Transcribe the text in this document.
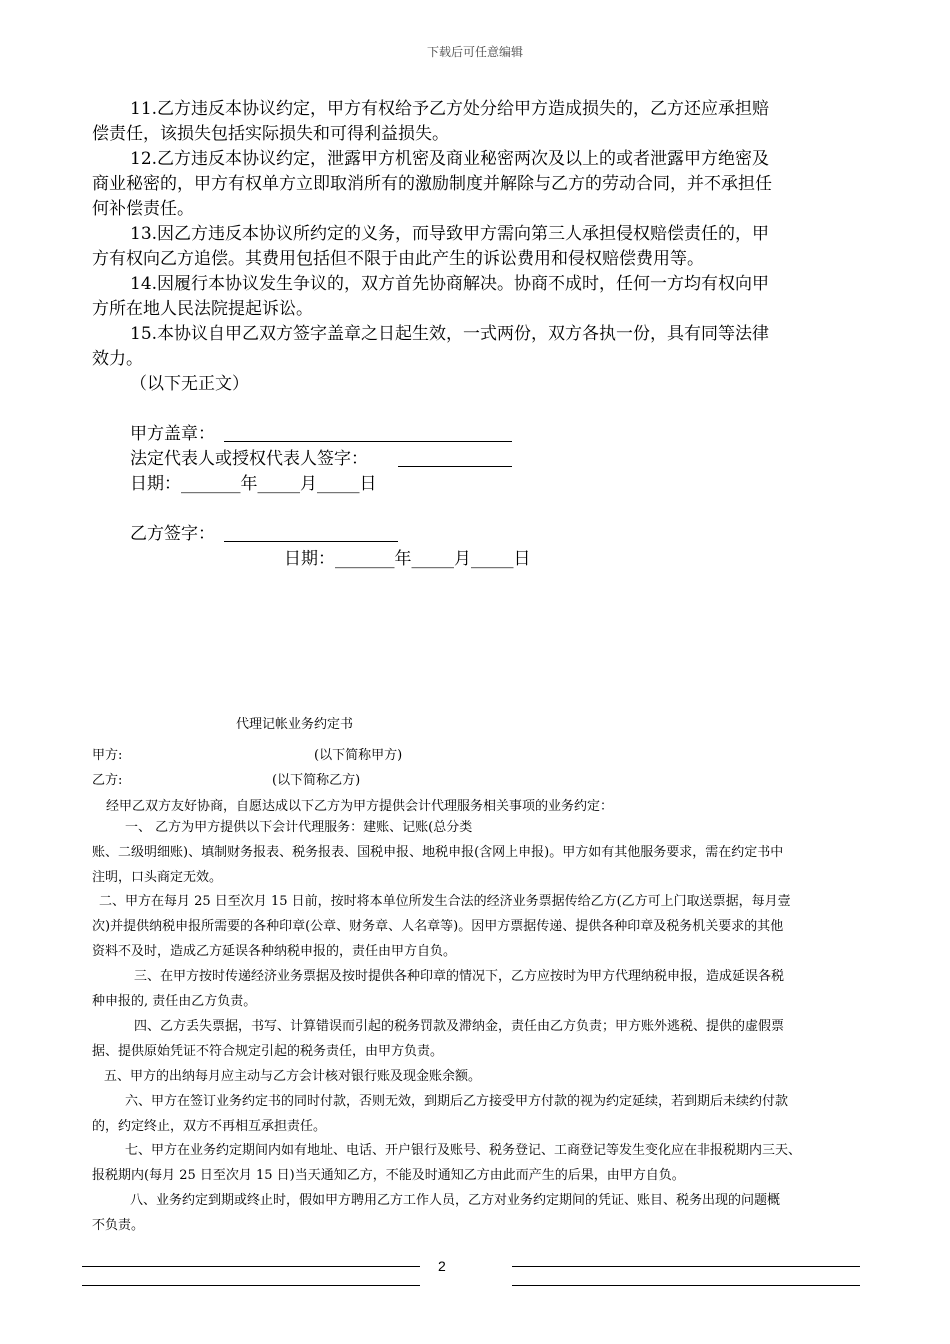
下载后可任意编辑
11.乙方违反本协议约定，甲方有权给予乙方处分给甲方造成损失的，乙方还应承担赔
偿责任，该损失包括实际损失和可得利益损失。
12.乙方违反本协议约定，泄露甲方机密及商业秘密两次及以上的或者泄露甲方绝密及
商业秘密的，甲方有权单方立即取消所有的激励制度并解除与乙方的劳动合同，并不承担任
何补偿责任。
13.因乙方违反本协议所约定的义务，而导致甲方需向第三人承担侵权赔偿责任的，甲
方有权向乙方追偿。其费用包括但不限于由此产生的诉讼费用和侵权赔偿费用等。
14.因履行本协议发生争议的，双方首先协商解决。协商不成时，任何一方均有权向甲
方所在地人民法院提起诉讼。
15.本协议自甲乙双方签字盖章之日起生效，一式两份，双方各执一份，具有同等法律
效力。
（以下无正文）
甲方盖章：
法定代表人或授权代表人签字：
日期：_______年_____月_____日
乙方签字：
日期：_______年_____月_____日
代理记帐业务约定书
甲方:	(以下简称甲方)
乙方:	(以下简称乙方)
经甲乙双方友好协商，自愿达成以下乙方为甲方提供会计代理服务相关事项的业务约定：
一、 乙方为甲方提供以下会计代理服务：建账、记账(总分类
账、二级明细账)、填制财务报表、税务报表、国税申报、地税申报(含网上申报)。甲方如有其他服务要求，需在约定书中
注明，口头商定无效。
二、甲方在每月 25 日至次月 15 日前，按时将本单位所发生合法的经济业务票据传给乙方(乙方可上门取送票据，每月壹
次)并提供纳税申报所需要的各种印章(公章、财务章、人名章等)。因甲方票据传递、提供各种印章及税务机关要求的其他
资料不及时，造成乙方延误各种纳税申报的，责任由甲方自负。
三、在甲方按时传递经济业务票据及按时提供各种印章的情况下，乙方应按时为甲方代理纳税申报，造成延误各税
种申报的, 责任由乙方负责。
四、乙方丢失票据，书写、计算错误而引起的税务罚款及滞纳金，责任由乙方负责；甲方账外逃税、提供的虚假票
据、提供原始凭证不符合规定引起的税务责任，由甲方负责。
五、甲方的出纳每月应主动与乙方会计核对银行账及现金账余额。
六、甲方在签订业务约定书的同时付款，否则无效，到期后乙方接受甲方付款的视为约定延续，若到期后未续约付款
的，约定终止，双方不再相互承担责任。
七、甲方在业务约定期间内如有地址、电话、开户银行及账号、税务登记、工商登记等发生变化应在非报税期内三天、
报税期内(每月 25 日至次月 15 日)当天通知乙方，不能及时通知乙方由此而产生的后果，由甲方自负。
八、业务约定到期或终止时，假如甲方聘用乙方工作人员，乙方对业务约定期间的凭证、账目、税务出现的问题概
不负责。
2
